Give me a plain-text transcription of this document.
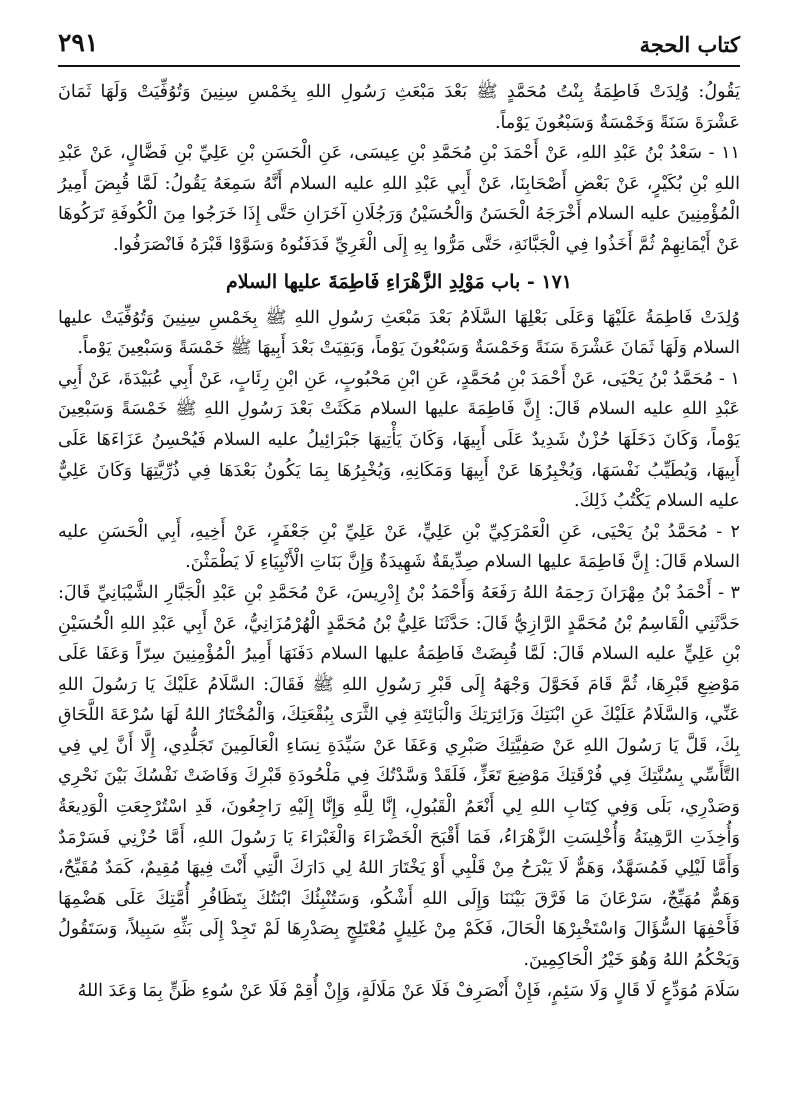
كتاب الحجة
٢٩١

يَقُولُ: وُلِدَتْ فَاطِمَةُ بِنْتُ مُحَمَّدٍ ﷺ بَعْدَ مَبْعَثِ رَسُولِ اللهِ بِخَمْسِ سِنِينَ وَتُوُفِّيَتْ وَلَهَا ثَمَانَ عَشْرَةَ سَنَةً وَخَمْسَةٌ وَسَبْعُونَ يَوْماً.

١١ - سَعْدُ بْنُ عَبْدِ اللهِ، عَنْ أَحْمَدَ بْنِ مُحَمَّدِ بْنِ عِيسَى، عَنِ الْحَسَنِ بْنِ عَلِيِّ بْنِ فَضَّالٍ، عَنْ عَبْدِ اللهِ بْنِ بُكَيْرٍ، عَنْ بَعْضِ أَصْحَابِنَا، عَنْ أَبِي عَبْدِ اللهِ عليه السلام أَنَّهُ سَمِعَهُ يَقُولُ: لَمَّا قُبِضَ أَمِيرُ الْمُؤْمِنِينَ عليه السلام أَخْرَجَهُ الْحَسَنُ وَالْحُسَيْنُ وَرَجُلَانِ آخَرَانِ حَتَّى إِذَا خَرَجُوا مِنَ الْكُوفَةِ تَرَكُوهَا عَنْ أَيْمَانِهِمْ ثُمَّ أَخَذُوا فِي الْجَبَّانَةِ، حَتَّى مَرُّوا بِهِ إِلَى الْغَرِيِّ فَدَفَنُوهُ وَسَوَّوْا قَبْرَهُ فَانْصَرَفُوا.

١٧١ - باب مَوْلِدِ الزَّهْرَاءِ فَاطِمَةَ عليها السلام

وُلِدَتْ فَاطِمَةُ عَلَيْهَا وَعَلَى بَعْلِهَا السَّلَامُ بَعْدَ مَبْعَثِ رَسُولِ اللهِ ﷺ بِخَمْسِ سِنِينَ وَتُوُفِّيَتْ عليها السلام وَلَهَا ثَمَانَ عَشْرَةَ سَنَةً وَخَمْسَةٌ وَسَبْعُونَ يَوْماً، وَبَقِيَتْ بَعْدَ أَبِيهَا ﷺ خَمْسَةً وَسَبْعِينَ يَوْماً.

١ - مُحَمَّدُ بْنُ يَحْيَى، عَنْ أَحْمَدَ بْنِ مُحَمَّدٍ، عَنِ ابْنِ مَحْبُوبٍ، عَنِ ابْنِ رِئَابٍ، عَنْ أَبِي عُبَيْدَةَ، عَنْ أَبِي عَبْدِ اللهِ عليه السلام قَالَ: إِنَّ فَاطِمَةَ عليها السلام مَكَثَتْ بَعْدَ رَسُولِ اللهِ ﷺ خَمْسَةً وَسَبْعِينَ يَوْماً، وَكَانَ دَخَلَهَا حُزْنٌ شَدِيدٌ عَلَى أَبِيهَا، وَكَانَ يَأْتِيهَا جَبْرَائِيلُ عليه السلام فَيُحْسِنُ عَزَاءَهَا عَلَى أَبِيهَا، وَيُطَيِّبُ نَفْسَهَا، وَيُخْبِرُهَا عَنْ أَبِيهَا وَمَكَانِهِ، وَيُخْبِرُهَا بِمَا يَكُونُ بَعْدَهَا فِي ذُرِّيَّتِهَا وَكَانَ عَلِيٌّ عليه السلام يَكْتُبُ ذَلِكَ.

٢ - مُحَمَّدُ بْنُ يَحْيَى، عَنِ الْعَمْرَكِيِّ بْنِ عَلِيٍّ، عَنْ عَلِيِّ بْنِ جَعْفَرٍ، عَنْ أَخِيهِ، أَبِي الْحَسَنِ عليه السلام قَالَ: إِنَّ فَاطِمَةَ عليها السلام صِدِّيقَةٌ شَهِيدَةٌ وَإِنَّ بَنَاتِ الْأَنْبِيَاءِ لَا يَطْمَثْنَ.

٣ - أَحْمَدُ بْنُ مِهْرَانَ رَحِمَهُ اللهُ رَفَعَهُ وَأَحْمَدُ بْنُ إِدْرِيسَ، عَنْ مُحَمَّدِ بْنِ عَبْدِ الْجَبَّارِ الشَّيْبَانِيِّ قَالَ: حَدَّثَنِي الْقَاسِمُ بْنُ مُحَمَّدٍ الرَّازِيُّ قَالَ: حَدَّثَنَا عَلِيُّ بْنُ مُحَمَّدٍ الْهُرْمُزَانِيُّ، عَنْ أَبِي عَبْدِ اللهِ الْحُسَيْنِ بْنِ عَلِيٍّ عليه السلام قَالَ: لَمَّا قُبِضَتْ فَاطِمَةُ عليها السلام دَفَنَهَا أَمِيرُ الْمُؤْمِنِينَ سِرّاً وَعَفَا عَلَى مَوْضِعِ قَبْرِهَا، ثُمَّ قَامَ فَحَوَّلَ وَجْهَهُ إِلَى قَبْرِ رَسُولِ اللهِ ﷺ فَقَالَ: السَّلَامُ عَلَيْكَ يَا رَسُولَ اللهِ عَنِّي، وَالسَّلَامُ عَلَيْكَ عَنِ ابْنَتِكَ وَزَائِرَتِكَ وَالْبَائِتَةِ فِي الثَّرَى بِبُقْعَتِكَ، وَالْمُخْتَارُ اللهُ لَهَا سُرْعَةَ اللَّحَاقِ بِكَ، قَلَّ يَا رَسُولَ اللهِ عَنْ صَفِيَّتِكَ صَبْرِي وَعَفَا عَنْ سَيِّدَةِ نِسَاءِ الْعَالَمِينَ تَجَلُّدِي، إِلَّا أَنَّ لِي فِي التَّأَسِّي بِسُنَّتِكَ فِي فُرْقَتِكَ مَوْضِعَ تَعَزٍّ، فَلَقَدْ وَسَّدْتُكَ فِي مَلْحُودَةِ قَبْرِكَ وَفَاضَتْ نَفْسُكَ بَيْنَ نَحْرِي وَصَدْرِي، بَلَى وَفِي كِتَابِ اللهِ لِي أَنْعَمُ الْقَبُولِ، إِنَّا لِلَّهِ وَإِنَّا إِلَيْهِ رَاجِعُونَ، قَدِ اسْتُرْجِعَتِ الْوَدِيعَةُ وَأُخِذَتِ الرَّهِينَةُ وَأُخْلِسَتِ الزَّهْرَاءُ، فَمَا أَقْبَحَ الْخَضْرَاءَ وَالْغَبْرَاءَ يَا رَسُولَ اللهِ، أَمَّا حُزْنِي فَسَرْمَدٌ وَأَمَّا لَيْلِي فَمُسَهَّدٌ، وَهَمٌّ لَا يَبْرَحُ مِنْ قَلْبِي أَوْ يَخْتَارَ اللهُ لِي دَارَكَ الَّتِي أَنْتَ فِيهَا مُقِيمٌ، كَمَدٌ مُقَيِّحٌ، وَهَمٌّ مُهَيِّجٌ، سَرْعَانَ مَا فَرَّقَ بَيْنَنَا وَإِلَى اللهِ أَشْكُو، وَسَتُنْبِئُكَ ابْنَتُكَ بِتَظَافُرِ أُمَّتِكَ عَلَى هَضْمِهَا فَأَحْفِهَا السُّؤَالَ وَاسْتَخْبِرْهَا الْحَالَ، فَكَمْ مِنْ غَلِيلٍ مُعْتَلِجٍ بِصَدْرِهَا لَمْ تَجِدْ إِلَى بَثِّهِ سَبِيلاً، وَسَتَقُولُ وَيَحْكُمُ اللهُ وَهُوَ خَيْرُ الْحَاكِمِينَ.

سَلَامَ مُوَدِّعٍ لَا قَالٍ وَلَا سَئِمٍ، فَإِنْ أَنْصَرِفْ فَلَا عَنْ مَلَالَةٍ، وَإِنْ أُقِمْ فَلَا عَنْ سُوءِ ظَنٍّ بِمَا وَعَدَ اللهُ
